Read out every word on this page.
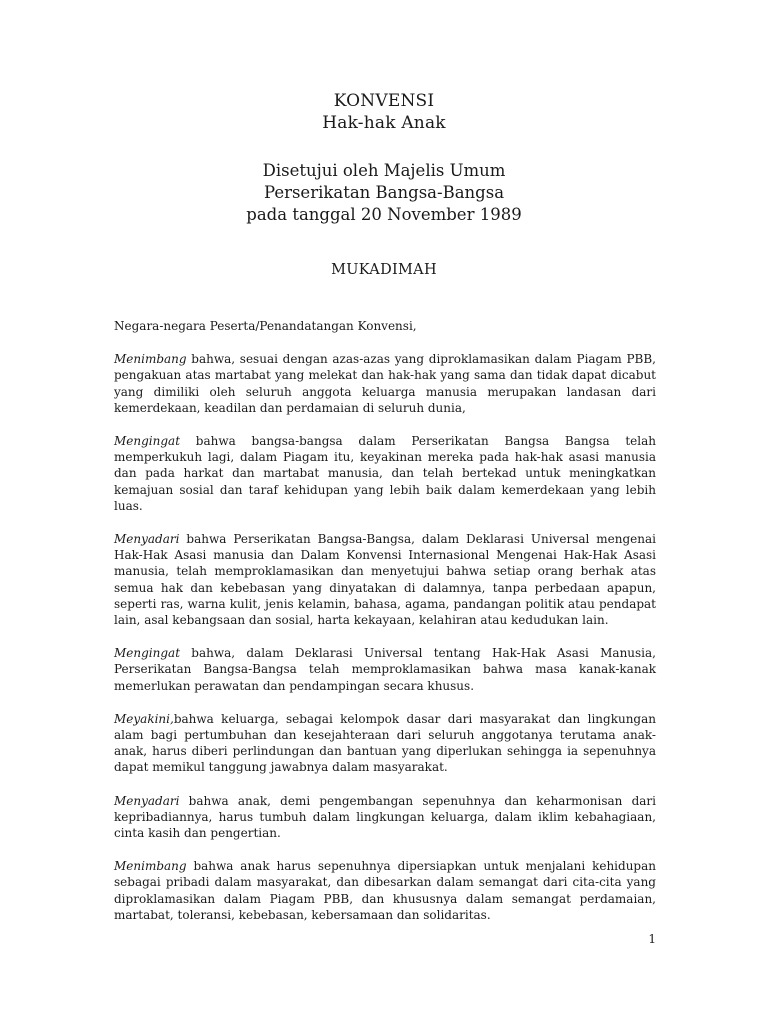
KONVENSI
Hak-hak Anak
Disetujui oleh Majelis Umum
Perserikatan Bangsa-Bangsa
pada tanggal 20 November 1989
MUKADIMAH

Negara-negara Peserta/Penandatangan Konvensi,

Menimbang bahwa, sesuai dengan azas-azas yang diproklamasikan dalam Piagam PBB, pengakuan atas martabat yang melekat dan hak-hak yang sama dan tidak dapat dicabut yang dimiliki oleh seluruh anggota keluarga manusia merupakan landasan dari kemerdekaan, keadilan dan perdamaian di seluruh dunia,

Mengingat bahwa bangsa-bangsa dalam Perserikatan Bangsa Bangsa telah memperkukuh lagi, dalam Piagam itu, keyakinan mereka pada hak-hak asasi manusia dan pada harkat dan martabat manusia, dan telah bertekad untuk meningkatkan kemajuan sosial dan taraf kehidupan yang lebih baik dalam kemerdekaan yang lebih luas.

Menyadari bahwa Perserikatan Bangsa-Bangsa, dalam Deklarasi Universal mengenai Hak-Hak Asasi manusia dan Dalam Konvensi Internasional Mengenai Hak-Hak Asasi manusia, telah memproklamasikan dan menyetujui bahwa setiap orang berhak atas semua hak dan kebebasan yang dinyatakan di dalamnya, tanpa perbedaan apapun, seperti ras, warna kulit, jenis kelamin, bahasa, agama, pandangan politik atau pendapat lain, asal kebangsaan dan sosial, harta kekayaan, kelahiran atau kedudukan lain.

Mengingat bahwa, dalam Deklarasi Universal tentang Hak-Hak Asasi Manusia, Perserikatan Bangsa-Bangsa telah memproklamasikan bahwa masa kanak-kanak memerlukan perawatan dan pendampingan secara khusus.

Meyakini,bahwa keluarga, sebagai kelompok dasar dari masyarakat dan lingkungan alam bagi pertumbuhan dan kesejahteraan dari seluruh anggotanya terutama anak-anak, harus diberi perlindungan dan bantuan yang diperlukan sehingga ia sepenuhnya dapat memikul tanggung jawabnya dalam masyarakat.

Menyadari bahwa anak, demi pengembangan sepenuhnya dan keharmonisan dari kepribadiannya, harus tumbuh dalam lingkungan keluarga, dalam iklim kebahagiaan, cinta kasih dan pengertian.

Menimbang bahwa anak harus sepenuhnya dipersiapkan untuk menjalani kehidupan sebagai pribadi dalam masyarakat, dan dibesarkan dalam semangat dari cita-cita yang diproklamasikan dalam Piagam PBB, dan khususnya dalam semangat perdamaian, martabat, toleransi, kebebasan, kebersamaan dan solidaritas.

1
